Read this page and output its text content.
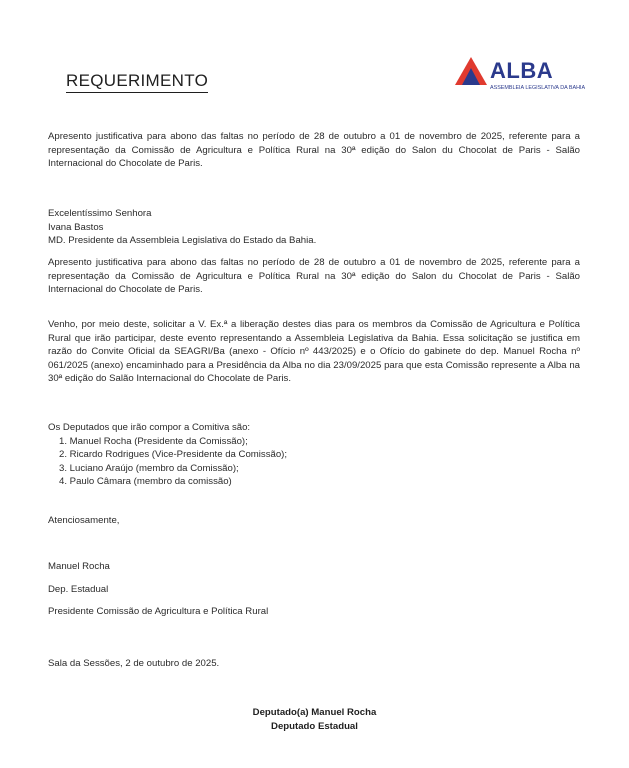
REQUERIMENTO	ALBA
ASSEMBLEIA LEGISLATIVA DA BAHIA
Apresento justificativa para abono das faltas no período de 28 de outubro a 01 de novembro de 2025, referente para a representação da Comissão de Agricultura e Política Rural na 30ª edição do Salon du Chocolat de Paris - Salão Internacional do Chocolate de Paris.
Excelentíssimo Senhora
Ivana Bastos
MD. Presidente da Assembleia Legislativa do Estado da Bahia.
Apresento justificativa para abono das faltas no período de 28 de outubro a 01 de novembro de 2025, referente para a representação da Comissão de Agricultura e Política Rural na 30ª edição do Salon du Chocolat de Paris - Salão Internacional do Chocolate de Paris.
Venho, por meio deste, solicitar a V. Ex.ª a liberação destes dias para os membros da Comissão de Agricultura e Política Rural que irão participar, deste evento representando a Assembleia Legislativa da Bahia. Essa solicitação se justifica em razão do Convite Oficial da SEAGRI/Ba (anexo - Ofício nº 443/2025) e o Ofício do gabinete do dep. Manuel Rocha nº 061/2025 (anexo) encaminhado para a Presidência da Alba no dia 23/09/2025 para que esta Comissão represente a Alba na 30ª edição do Salão Internacional do Chocolate de Paris.
Os Deputados que irão compor a Comitiva são:
1. Manuel Rocha (Presidente da Comissão);
2. Ricardo Rodrigues (Vice-Presidente da Comissão);
3. Luciano Araújo (membro da Comissão);
4. Paulo Câmara (membro da comissão)
Atenciosamente,
Manuel Rocha
Dep. Estadual
Presidente Comissão de Agricultura e Política Rural
Sala da Sessões, 2 de outubro de 2025.
Deputado(a) Manuel Rocha
Deputado Estadual
